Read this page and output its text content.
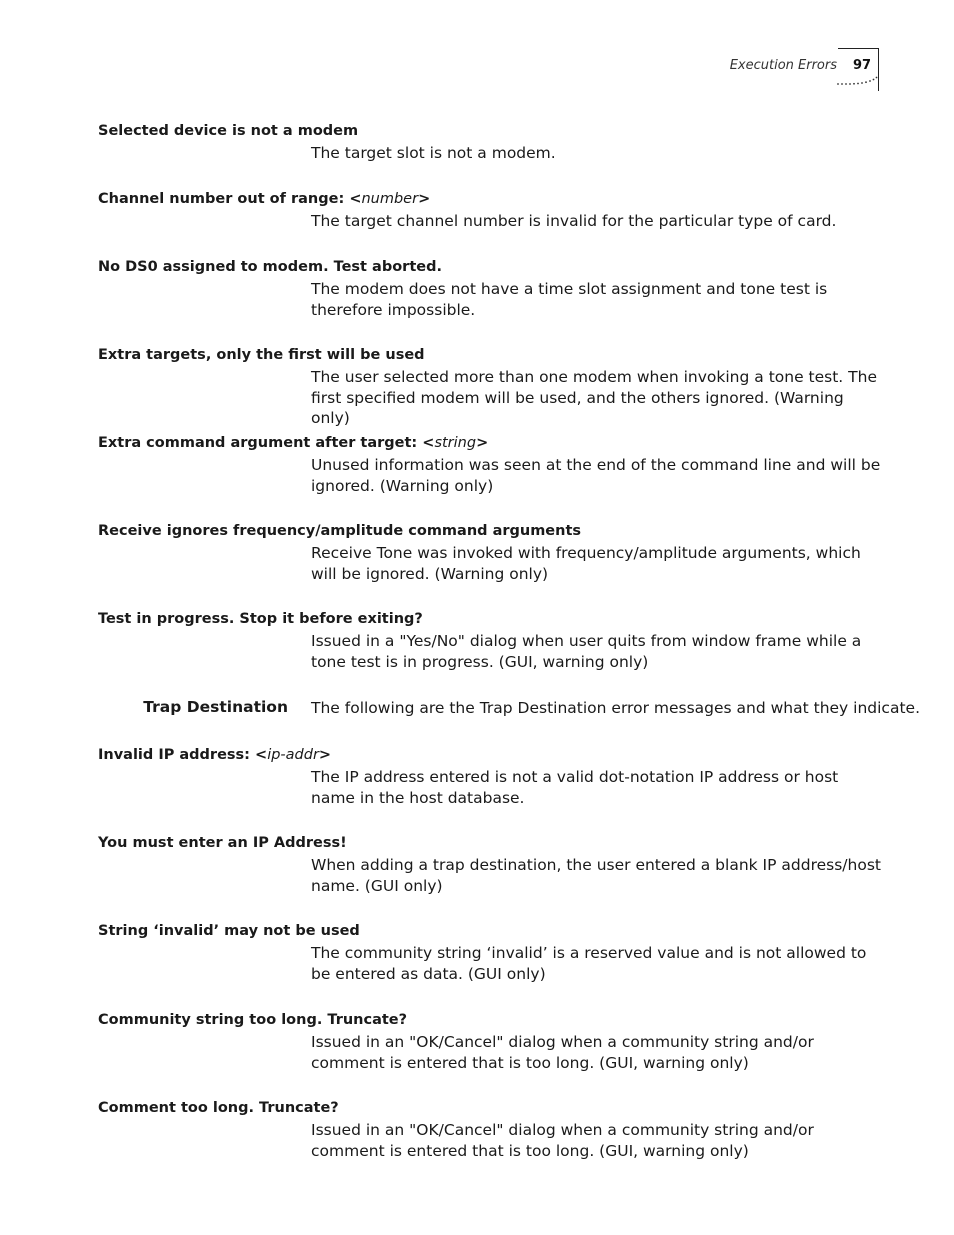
Execution Errors 97
Selected device is not a modem
The target slot is not a modem.
Channel number out of range: <number>
The target channel number is invalid for the particular type of card.
No DS0 assigned to modem. Test aborted.
The modem does not have a time slot assignment and tone test is therefore impossible.
Extra targets, only the first will be used
The user selected more than one modem when invoking a tone test. The first specified modem will be used, and the others ignored. (Warning only)
Extra command argument after target: <string>
Unused information was seen at the end of the command line and will be ignored. (Warning only)
Receive ignores frequency/amplitude command arguments
Receive Tone was invoked with frequency/amplitude arguments, which will be ignored. (Warning only)
Test in progress. Stop it before exiting?
Issued in a "Yes/No" dialog when user quits from window frame while a tone test is in progress. (GUI, warning only)
Trap Destination The following are the Trap Destination error messages and what they indicate.
Invalid IP address: <ip-addr>
The IP address entered is not a valid dot-notation IP address or host name in the host database.
You must enter an IP Address!
When adding a trap destination, the user entered a blank IP address/host name. (GUI only)
String ‘invalid’ may not be used
The community string ‘invalid’ is a reserved value and is not allowed to be entered as data. (GUI only)
Community string too long. Truncate?
Issued in an "OK/Cancel" dialog when a community string and/or comment is entered that is too long. (GUI, warning only)
Comment too long. Truncate?
Issued in an "OK/Cancel" dialog when a community string and/or comment is entered that is too long. (GUI, warning only)
